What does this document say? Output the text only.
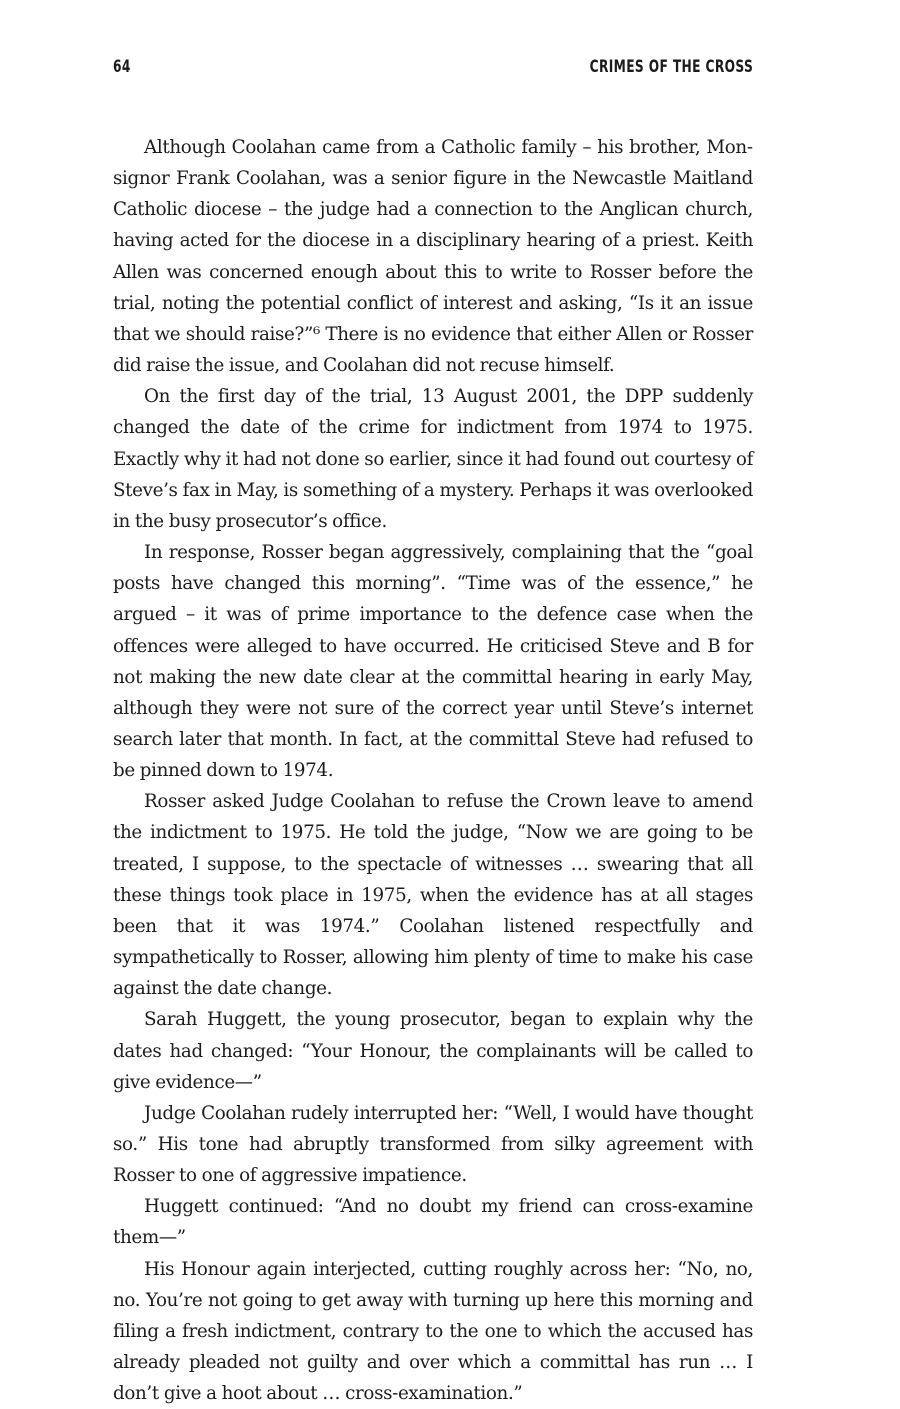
64	CRIMES OF THE CROSS

Although Coolahan came from a Catholic family – his brother, Monsignor Frank Coolahan, was a senior figure in the Newcastle Maitland Catholic diocese – the judge had a connection to the Anglican church, having acted for the diocese in a disciplinary hearing of a priest. Keith Allen was concerned enough about this to write to Rosser before the trial, noting the potential conflict of interest and asking, “Is it an issue that we should raise?”⁶ There is no evidence that either Allen or Rosser did raise the issue, and Coolahan did not recuse himself.

On the first day of the trial, 13 August 2001, the DPP suddenly changed the date of the crime for indictment from 1974 to 1975. Exactly why it had not done so earlier, since it had found out courtesy of Steve’s fax in May, is something of a mystery. Perhaps it was overlooked in the busy prosecutor’s office.

In response, Rosser began aggressively, complaining that the “goal posts have changed this morning”. “Time was of the essence,” he argued – it was of prime importance to the defence case when the offences were alleged to have occurred. He criticised Steve and B for not making the new date clear at the committal hearing in early May, although they were not sure of the correct year until Steve’s internet search later that month. In fact, at the committal Steve had refused to be pinned down to 1974.

Rosser asked Judge Coolahan to refuse the Crown leave to amend the indictment to 1975. He told the judge, “Now we are going to be treated, I suppose, to the spectacle of witnesses … swearing that all these things took place in 1975, when the evidence has at all stages been that it was 1974.” Coolahan listened respectfully and sympathetically to Rosser, allowing him plenty of time to make his case against the date change.

Sarah Huggett, the young prosecutor, began to explain why the dates had changed: “Your Honour, the complainants will be called to give evidence—”

Judge Coolahan rudely interrupted her: “Well, I would have thought so.” His tone had abruptly transformed from silky agreement with Rosser to one of aggressive impatience.

Huggett continued: “And no doubt my friend can cross-examine them—”

His Honour again interjected, cutting roughly across her: “No, no, no. You’re not going to get away with turning up here this morning and filing a fresh indictment, contrary to the one to which the accused has already pleaded not guilty and over which a committal has run … I don’t give a hoot about … cross-examination.”
